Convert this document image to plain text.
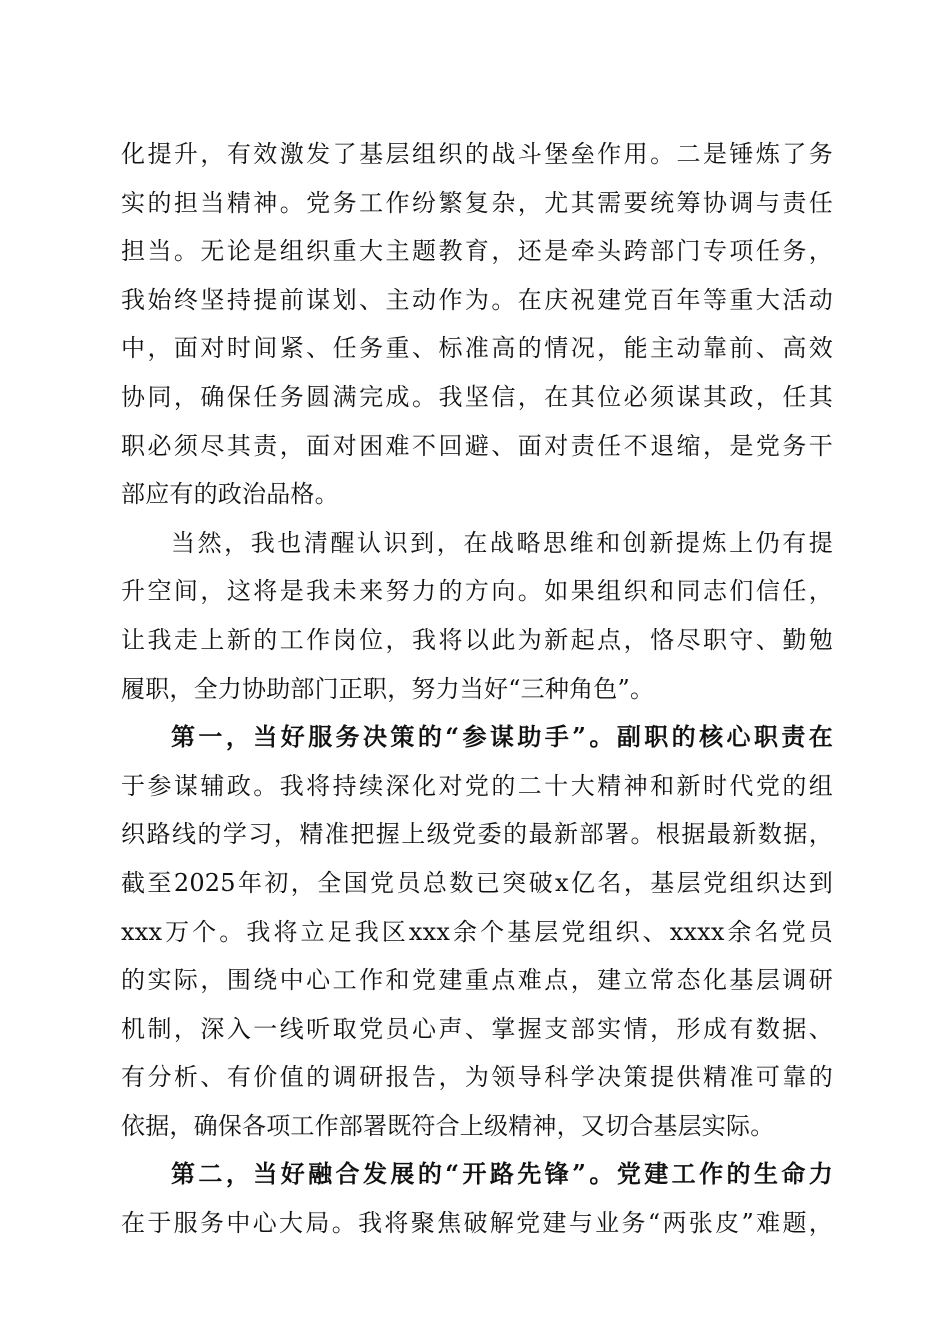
化提升，有效激发了基层组织的战斗堡垒作用。二是锤炼了务
实的担当精神。党务工作纷繁复杂，尤其需要统筹协调与责任
担当。无论是组织重大主题教育，还是牵头跨部门专项任务，
我始终坚持提前谋划、主动作为。在庆祝建党百年等重大活动
中，面对时间紧、任务重、标准高的情况，能主动靠前、高效
协同，确保任务圆满完成。我坚信，在其位必须谋其政，任其
职必须尽其责，面对困难不回避、面对责任不退缩，是党务干
部应有的政治品格。
当然，我也清醒认识到，在战略思维和创新提炼上仍有提
升空间，这将是我未来努力的方向。如果组织和同志们信任，
让我走上新的工作岗位，我将以此为新起点，恪尽职守、勤勉
履职，全力协助部门正职，努力当好“三种角色”。
第一，当好服务决策的“参谋助手”。副职的核心职责在
于参谋辅政。我将持续深化对党的二十大精神和新时代党的组
织路线的学习，精准把握上级党委的最新部署。根据最新数据，
截至2025年初，全国党员总数已突破x亿名，基层党组织达到
xxx万个。我将立足我区xxx余个基层党组织、xxxx余名党员
的实际，围绕中心工作和党建重点难点，建立常态化基层调研
机制，深入一线听取党员心声、掌握支部实情，形成有数据、
有分析、有价值的调研报告，为领导科学决策提供精准可靠的
依据，确保各项工作部署既符合上级精神，又切合基层实际。
第二，当好融合发展的“开路先锋”。党建工作的生命力
在于服务中心大局。我将聚焦破解党建与业务“两张皮”难题，
